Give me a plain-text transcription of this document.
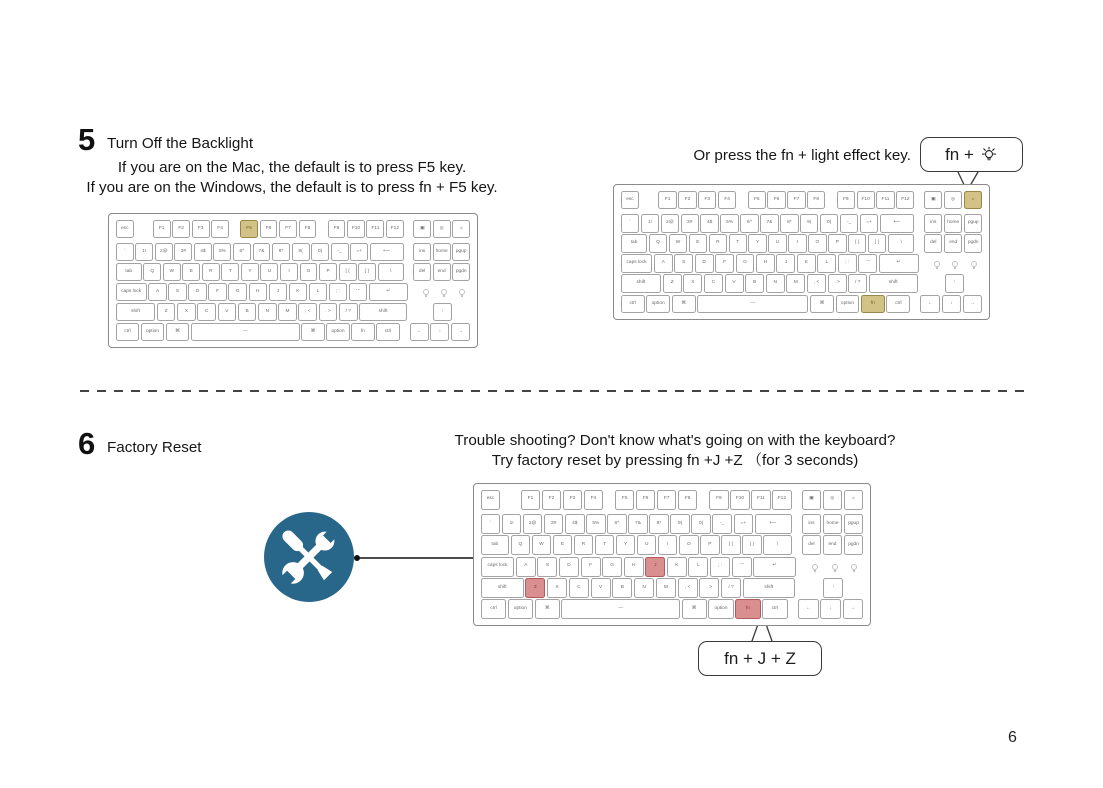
5 Turn Off the Backlight
If you are on the Mac, the default is to press F5 key.
If you are on the Windows, the default is to press fn + F5 key.
Or press the fn + light effect key. fn +
6 Factory Reset	Trouble shooting? Don't know what's going on with the keyboard?
Try factory reset by pressing fn +J +Z （for 3 seconds)
fn + J + Z
6
esc	F1	F2	F3	F4	F5	F6	F7	F8	F9	F10	F11	F12	▣	◎	☼
`	1!	2@	3#	4$	5%	6^	7&	8*	9(	0)	-_	=+	⟵	ins	home	pgup
tab	Q	W	E	R	T	Y	U	I	O	P	[ {	] }	\	del	end	pgdn
caps lock	A	S	D	F	G	H	J	K	L	; :	' "	↵
shift	Z	X	C	V	B	N	M	, <	. >	/ ?	shift	↑
ctrl	option	⌘	—	⌘	option	fn	ctrl	←	↓	→
esc	F1	F2	F3	F4	F5	F6	F7	F8	F9	F10	F11	F12	▣	◎	☼
`	1!	2@	3#	4$	5%	6^	7&	8*	9(	0)	-_	=+	⟵	ins	home	pgup
tab	Q	W	E	R	T	Y	U	I	O	P	[ {	] }	\	del	end	pgdn
caps lock	A	S	D	F	G	H	J	K	L	; :	' "	↵
shift	Z	X	C	V	B	N	M	, <	. >	/ ?	shift	↑
ctrl	option	⌘	—	⌘	option	fn	ctrl	←	↓	→
esc	F1	F2	F3	F4	F5	F6	F7	F8	F9	F10	F11	F12	▣	◎	☼
`	1!	2@	3#	4$	5%	6^	7&	8*	9(	0)	-_	=+	⟵	ins	home	pgup
tab	Q	W	E	R	T	Y	U	I	O	P	[ {	] }	\	del	end	pgdn
caps lock	A	S	D	F	G	H	J	K	L	; :	' "	↵
shift	Z	X	C	V	B	N	M	, <	. >	/ ?	shift	↑
ctrl	option	⌘	—	⌘	option	fn	ctrl	←	↓	→
